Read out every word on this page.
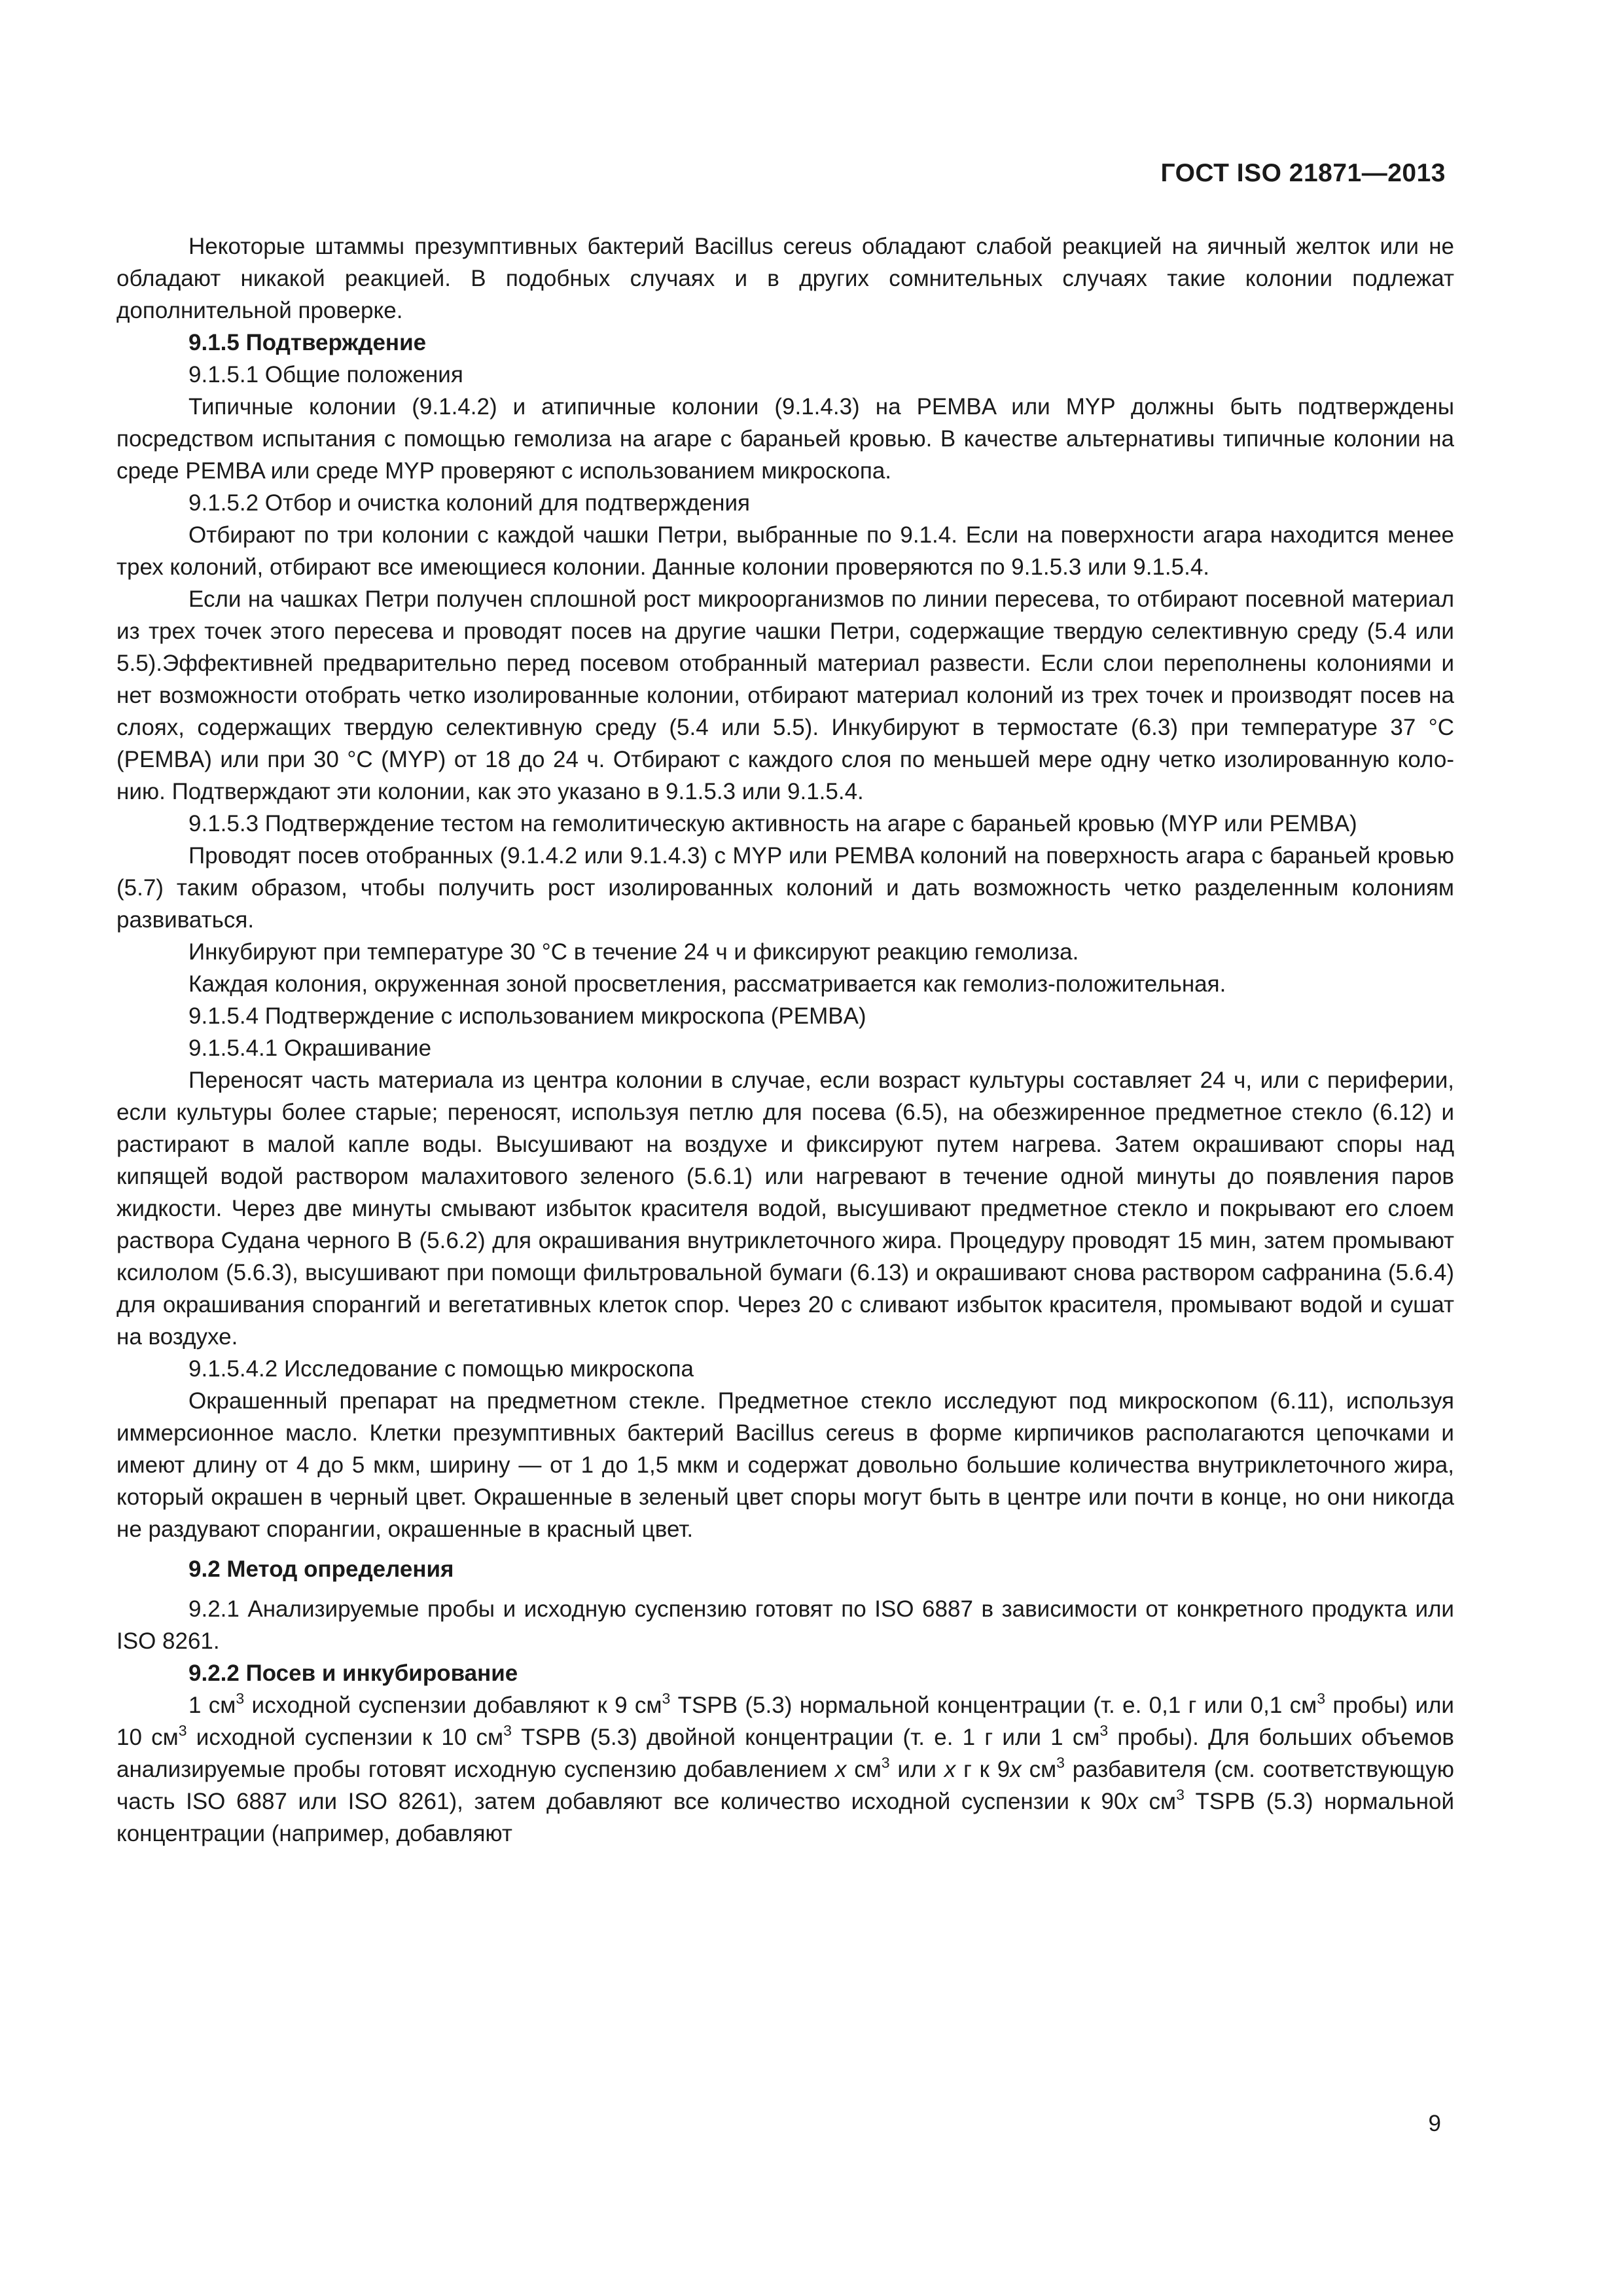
ГОСТ ISO 21871—2013

Некоторые штаммы презумптивных бактерий Bacillus cereus обладают слабой реакцией на яичный желток или не обладают никакой реакцией. В подобных случаях и в других сомнительных случаях такие колонии подлежат дополнительной проверке.

9.1.5 Подтверждение

9.1.5.1 Общие положения

Типичные колонии (9.1.4.2) и атипичные колонии (9.1.4.3) на PEMBA или MYP должны быть подтверждены посредством испытания с помощью гемолиза на агаре с бараньей кровью. В качестве альтернативы типичные колонии на среде PEMBA или среде MYP проверяют с использованием микроскопа.

9.1.5.2 Отбор и очистка колоний для подтверждения

Отбирают по три колонии с каждой чашки Петри, выбранные по 9.1.4. Если на поверхности агара находится менее трех колоний, отбирают все имеющиеся колонии. Данные колонии проверяются по 9.1.5.3 или 9.1.5.4.

Если на чашках Петри получен сплошной рост микроорганизмов по линии пересева, то отбирают посевной материал из трех точек этого пересева и проводят посев на другие чашки Петри, содержащие твердую селективную среду (5.4 или 5.5).Эффективней предварительно перед посевом отобранный материал развести. Если слои переполнены колониями и нет возможности отобрать четко изолированные колонии, отбирают материал колоний из трех точек и производят посев на слоях, содержащих твердую селективную среду (5.4 или 5.5). Инкубируют в термостате (6.3) при температуре 37 °С (PEMBA) или при 30 °С (MYP) от 18 до 24 ч. Отбирают с каждого слоя по меньшей мере одну четко изолированную колонию. Подтверждают эти колонии, как это указано в 9.1.5.3 или 9.1.5.4.

9.1.5.3 Подтверждение тестом на гемолитическую активность на агаре с бараньей кровью (MYP или PEMBA)

Проводят посев отобранных (9.1.4.2 или 9.1.4.3) с MYP или PEMBA колоний на поверхность агара с бараньей кровью (5.7) таким образом, чтобы получить рост изолированных колоний и дать возможность четко разделенным колониям развиваться.

Инкубируют при температуре 30 °С в течение 24 ч и фиксируют реакцию гемолиза.

Каждая колония, окруженная зоной просветления, рассматривается как гемолиз-положительная.

9.1.5.4 Подтверждение с использованием микроскопа (PEMBA)

9.1.5.4.1 Окрашивание

Переносят часть материала из центра колонии в случае, если возраст культуры составляет 24 ч, или с периферии, если культуры более старые; переносят, используя петлю для посева (6.5), на обезжиренное предметное стекло (6.12) и растирают в малой капле воды. Высушивают на воздухе и фиксируют путем нагрева. Затем окрашивают споры над кипящей водой раствором малахитового зеленого (5.6.1) или нагревают в течение одной минуты до появления паров жидкости. Через две минуты смывают избыток красителя водой, высушивают предметное стекло и покрывают его слоем раствора Судана черного В (5.6.2) для окрашивания внутриклеточного жира. Процедуру проводят 15 мин, затем промывают ксилолом (5.6.3), высушивают при помощи фильтровальной бумаги (6.13) и окрашивают снова раствором сафранина (5.6.4) для окрашивания спорангий и вегетативных клеток спор. Через 20 с сливают избыток красителя, промывают водой и сушат на воздухе.

9.1.5.4.2 Исследование с помощью микроскопа

Окрашенный препарат на предметном стекле. Предметное стекло исследуют под микроскопом (6.11), используя иммерсионное масло. Клетки презумптивных бактерий Bacillus cereus в форме кирпичиков располагаются цепочками и имеют длину от 4 до 5 мкм, ширину — от 1 до 1,5 мкм и содержат довольно большие количества внутриклеточного жира, который окрашен в черный цвет. Окрашенные в зеленый цвет споры могут быть в центре или почти в конце, но они никогда не раздувают спорангии, окрашенные в красный цвет.

9.2 Метод определения

9.2.1 Анализируемые пробы и исходную суспензию готовят по ISO 6887 в зависимости от конкретного продукта или ISO 8261.

9.2.2 Посев и инкубирование

1 $см^3$ исходной суспензии добавляют к 9 $см^3$ TSPB (5.3) нормальной концентрации (т. е. 0,1 г или 0,1 $см^3$ пробы) или 10 $см^3$ исходной суспензии к 10 $см^3$ TSPB (5.3) двойной концентрации (т. е. 1 г или 1 $см^3$ пробы). Для больших объемов анализируемые пробы готовят исходную суспензию добавлением x $см^3$ или x г к 9x $см^3$ разбавителя (см. соответствующую часть ISO 6887 или ISO 8261), затем добавляют все количество исходной суспензии к 90x $см^3$ TSPB (5.3) нормальной концентрации (например, добавляют

9
